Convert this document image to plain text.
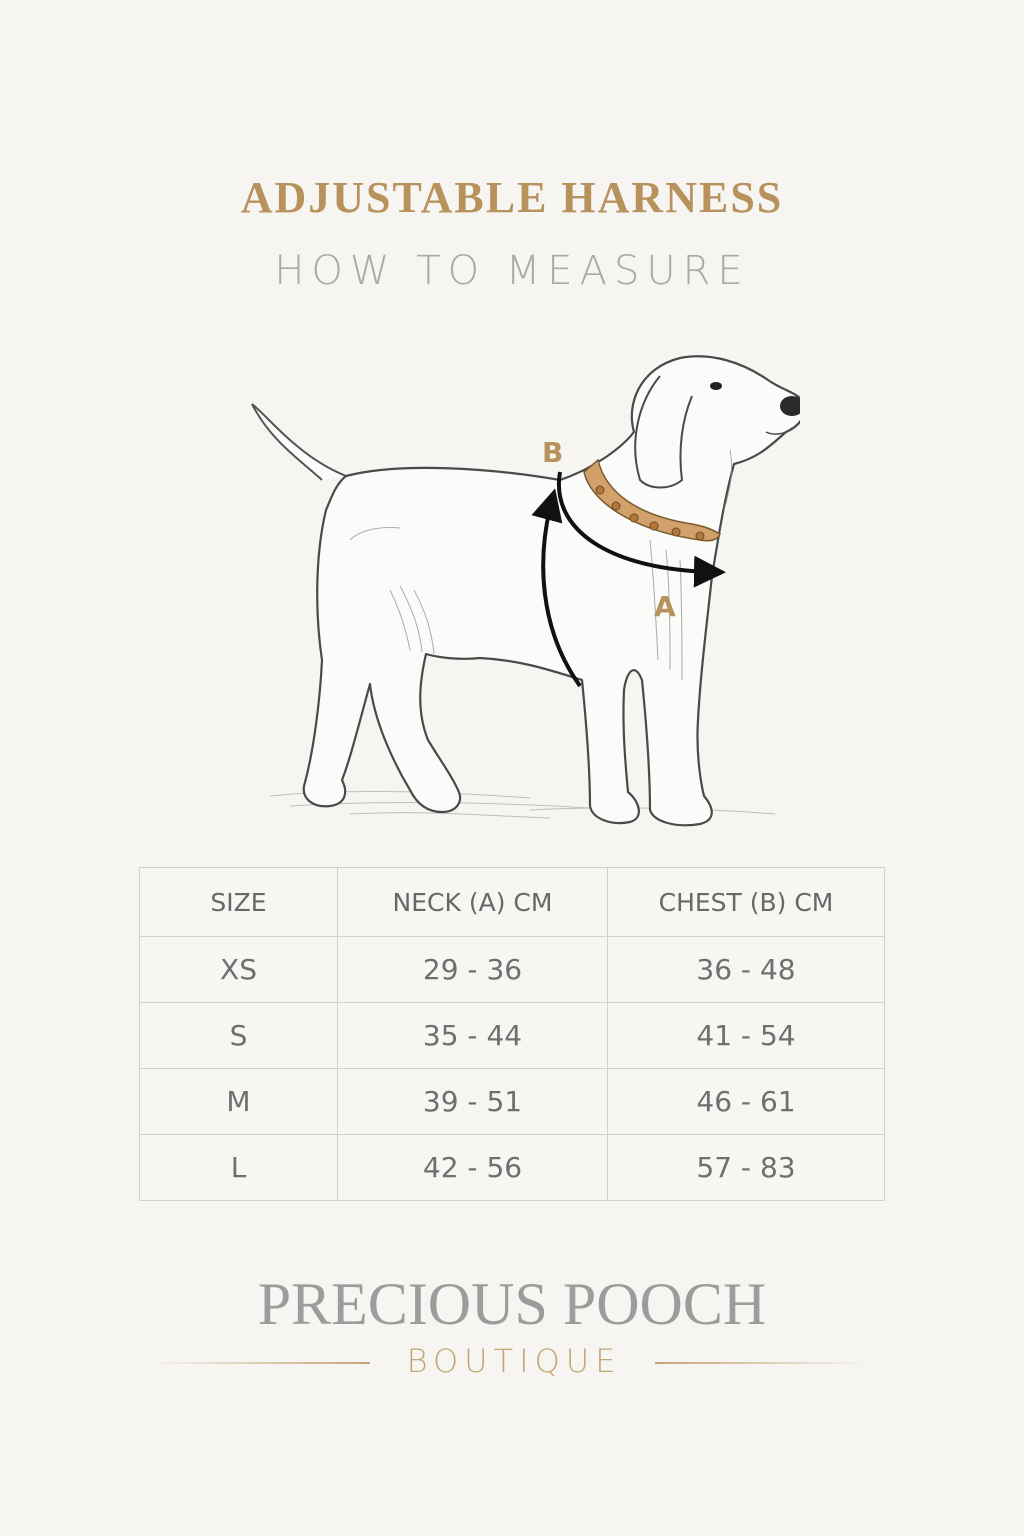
ADJUSTABLE HARNESS
HOW TO MEASURE
A
B
SIZE	NECK (A) CM	CHEST (B) CM
XS	29 - 36	36 - 48
S	35 - 44	41 - 54
M	39 - 51	46 - 61
L	42 - 56	57 - 83
PRECIOUS POOCH
BOUTIQUE
